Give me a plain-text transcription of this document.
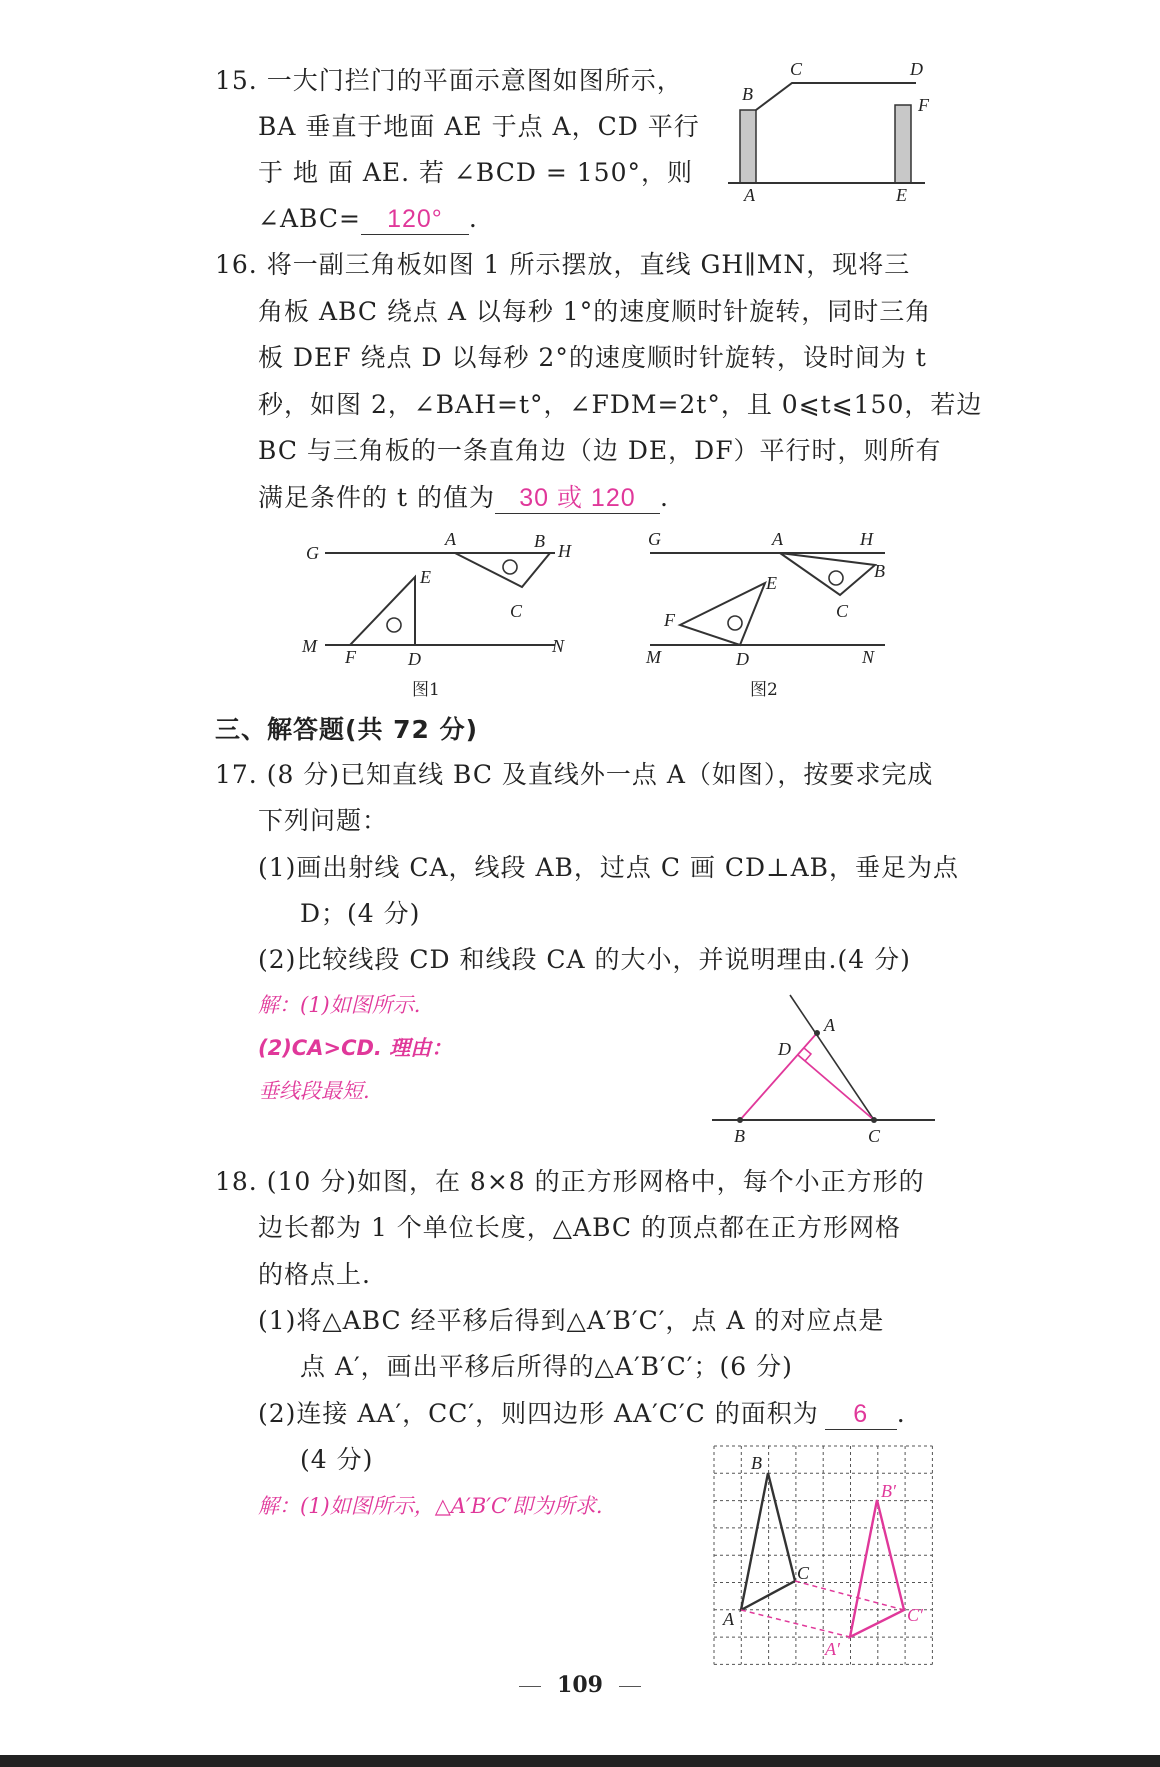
15. 一大门拦门的平面示意图如图所示，
BA 垂直于地面 AE 于点 A，CD 平行
于 地 面 AE. 若 ∠BCD = 150°，则
∠ABC= 120° .
A
B
C	D
E
F
16. 将一副三角板如图 1 所示摆放，直线 GH∥MN，现将三
角板 ABC 绕点 A 以每秒 1°的速度顺时针旋转，同时三角
板 DEF 绕点 D 以每秒 2°的速度顺时针旋转，设时间为 t
秒，如图 2，∠BAH=t°，∠FDM=2t°，且 0⩽t⩽150，若边
BC 与三角板的一条直角边（边 DE，DF）平行时，则所有
满足条件的 t 的值为 30 或 120 .
G
A	B H
E
C
M	N
F	D
图1
G	A	H
B
C
E
F
M	D	N
图2
三、解答题(共 72 分)
17. (8 分)已知直线 BC 及直线外一点 A（如图），按要求完成
下列问题：
(1)画出射线 CA，线段 AB，过点 C 画 CD⊥AB，垂足为点
D；(4 分)
(2)比较线段 CD 和线段 CA 的大小，并说明理由.(4 分)
解：(1)如图所示.
(2)CA>CD. 理由：
垂线段最短.
A
D
B	C
18. (10 分)如图，在 8×8 的正方形网格中，每个小正方形的
边长都为 1 个单位长度，△ABC 的顶点都在正方形网格
的格点上.
(1)将△ABC 经平移后得到△A′B′C′，点 A 的对应点是
点 A′，画出平移后所得的△A′B′C′；(6 分)
(2)连接 AA′，CC′，则四边形 AA′C′C 的面积为 6 .
(4 分)
解：(1)如图所示，△A′B′C′即为所求.
A
B
C
A′
B′
C′
109
